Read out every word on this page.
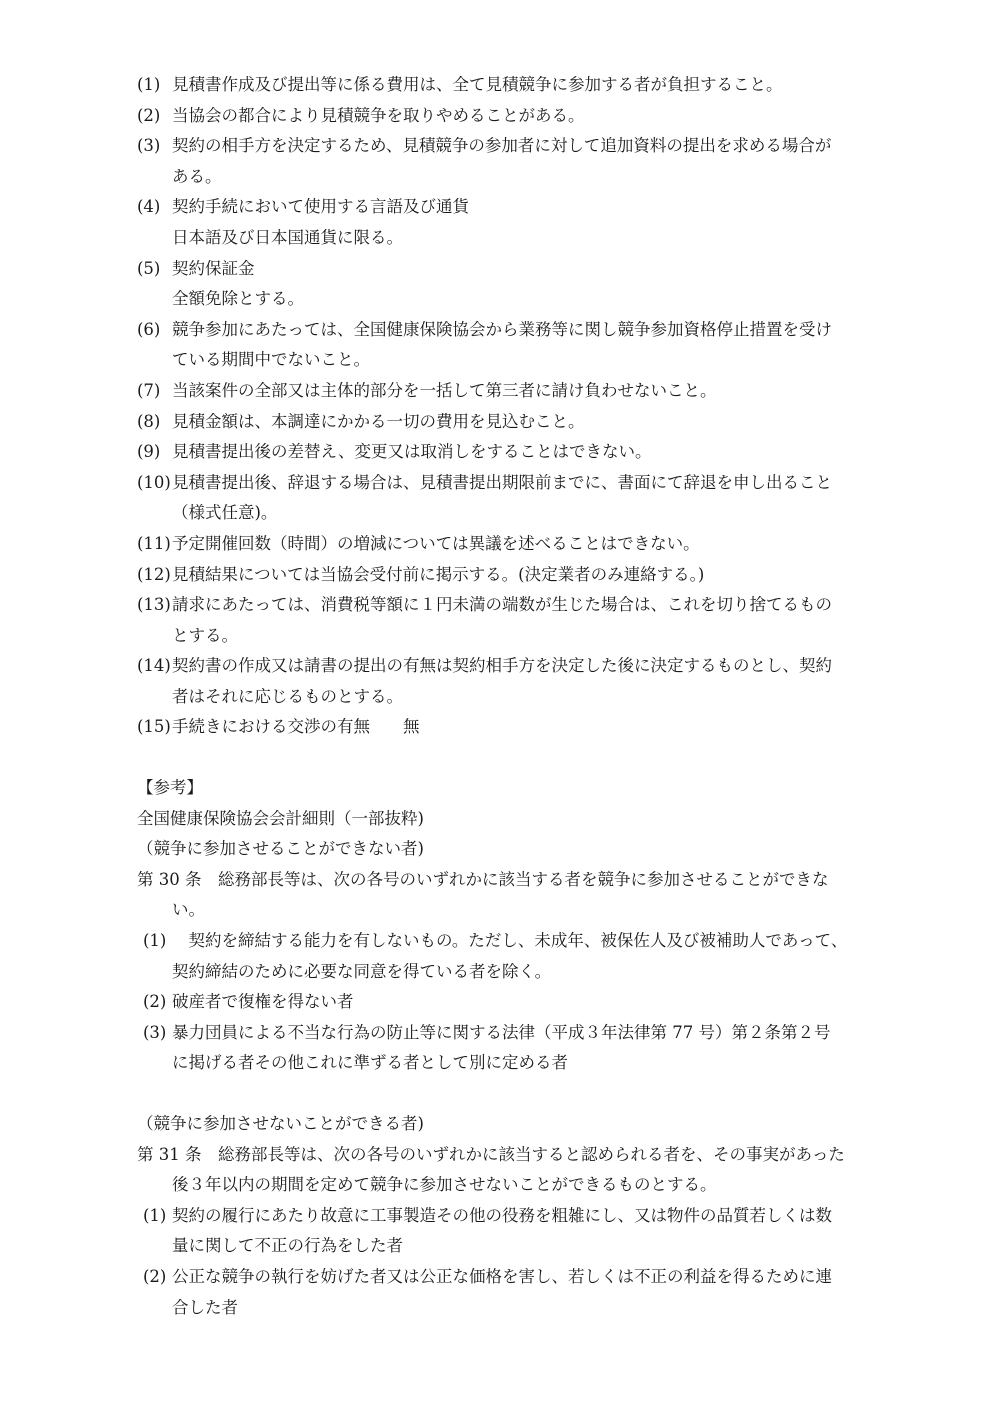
(1) 見積書作成及び提出等に係る費用は、全て見積競争に参加する者が負担すること。
(2) 当協会の都合により見積競争を取りやめることがある。
(3) 契約の相手方を決定するため、見積競争の参加者に対して追加資料の提出を求める場合が
ある。
(4) 契約手続において使用する言語及び通貨
日本語及び日本国通貨に限る。
(5) 契約保証金
全額免除とする。
(6) 競争参加にあたっては、全国健康保険協会から業務等に関し競争参加資格停止措置を受け
ている期間中でないこと。
(7) 当該案件の全部又は主体的部分を一括して第三者に請け負わせないこと。
(8) 見積金額は、本調達にかかる一切の費用を見込むこと。
(9) 見積書提出後の差替え、変更又は取消しをすることはできない。
(10) 見積書提出後、辞退する場合は、見積書提出期限前までに、書面にて辞退を申し出ること
（様式任意)。
(11) 予定開催回数（時間）の増減については異議を述べることはできない。
(12) 見積結果については当協会受付前に掲示する。(決定業者のみ連絡する。)
(13) 請求にあたっては、消費税等額に１円未満の端数が生じた場合は、これを切り捨てるもの
とする。
(14) 契約書の作成又は請書の提出の有無は契約相手方を決定した後に決定するものとし、契約
者はそれに応じるものとする。
(15) 手続きにおける交渉の有無　　無
【参考】
全国健康保険協会会計細則（一部抜粋)
（競争に参加させることができない者)
第 30 条　総務部長等は、次の各号のいずれかに該当する者を競争に参加させることができな
い。
(1) 　契約を締結する能力を有しないもの。ただし、未成年、被保佐人及び被補助人であって、
契約締結のために必要な同意を得ている者を除く。
(2) 破産者で復権を得ない者
(3) 暴力団員による不当な行為の防止等に関する法律（平成３年法律第 77 号）第２条第２号
に掲げる者その他これに準ずる者として別に定める者
（競争に参加させないことができる者)
第 31 条　総務部長等は、次の各号のいずれかに該当すると認められる者を、その事実があった
後３年以内の期間を定めて競争に参加させないことができるものとする。
(1) 契約の履行にあたり故意に工事製造その他の役務を粗雑にし、又は物件の品質若しくは数
量に関して不正の行為をした者
(2) 公正な競争の執行を妨げた者又は公正な価格を害し、若しくは不正の利益を得るために連
合した者
